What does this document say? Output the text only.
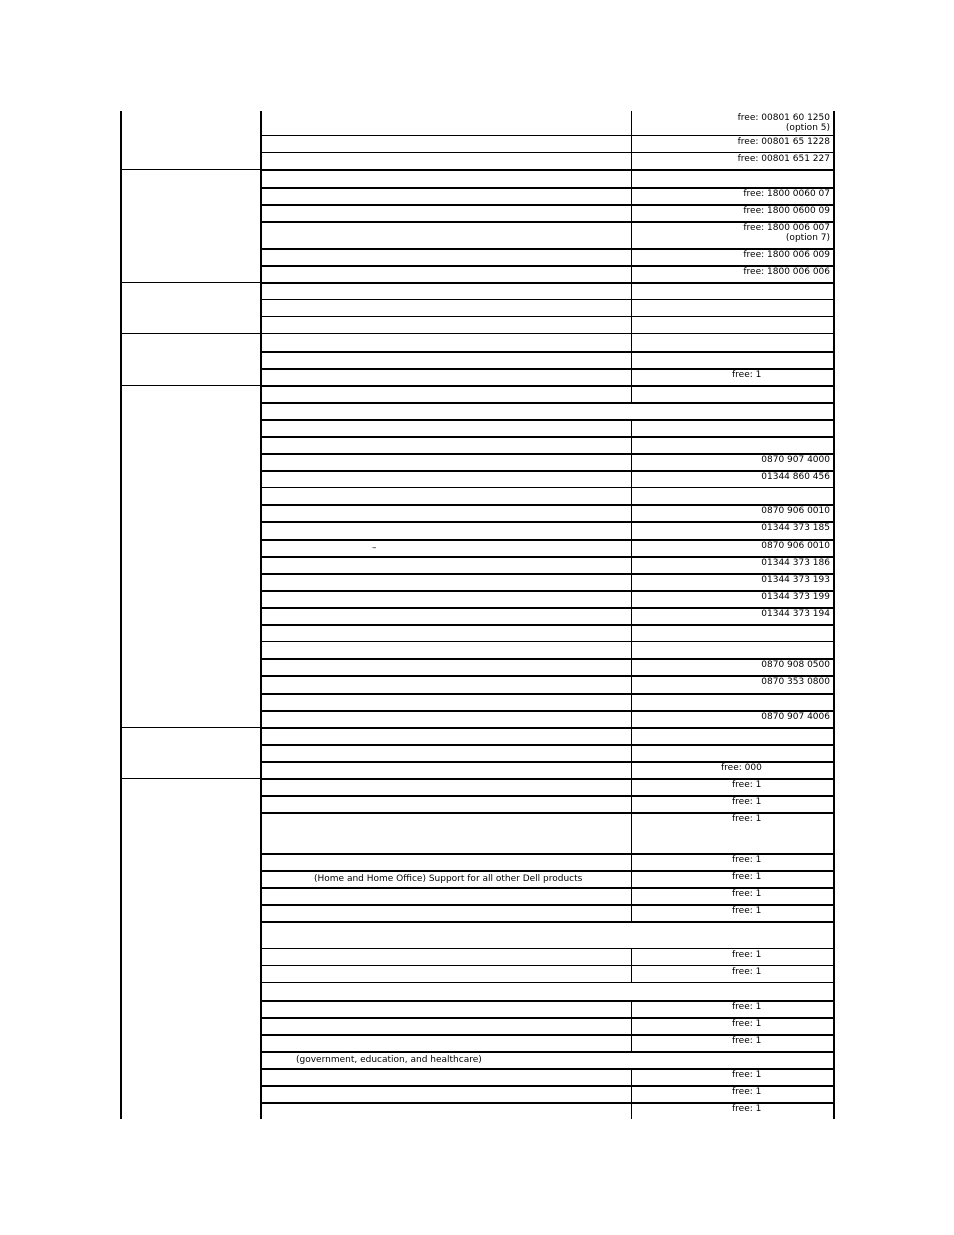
free: 00801 60 1250
(option 5)
free: 00801 65 1228
free: 00801 651 227
free: 1800 0060 07
free: 1800 0600 09
free: 1800 006 007
(option 7)
free: 1800 006 009
free: 1800 006 006
free: 1
0870 907 4000
01344 860 456
0870 906 0010
01344 373 185
–	0870 906 0010
01344 373 186
01344 373 193
01344 373 199
01344 373 194
0870 908 0500
0870 353 0800
0870 907 4006
free: 000
free: 1
free: 1
free: 1
free: 1
(Home and Home Office) Support for all other Dell products	free: 1
free: 1
free: 1
free: 1
free: 1
free: 1
free: 1
free: 1
(government, education, and healthcare)
free: 1
free: 1
free: 1
